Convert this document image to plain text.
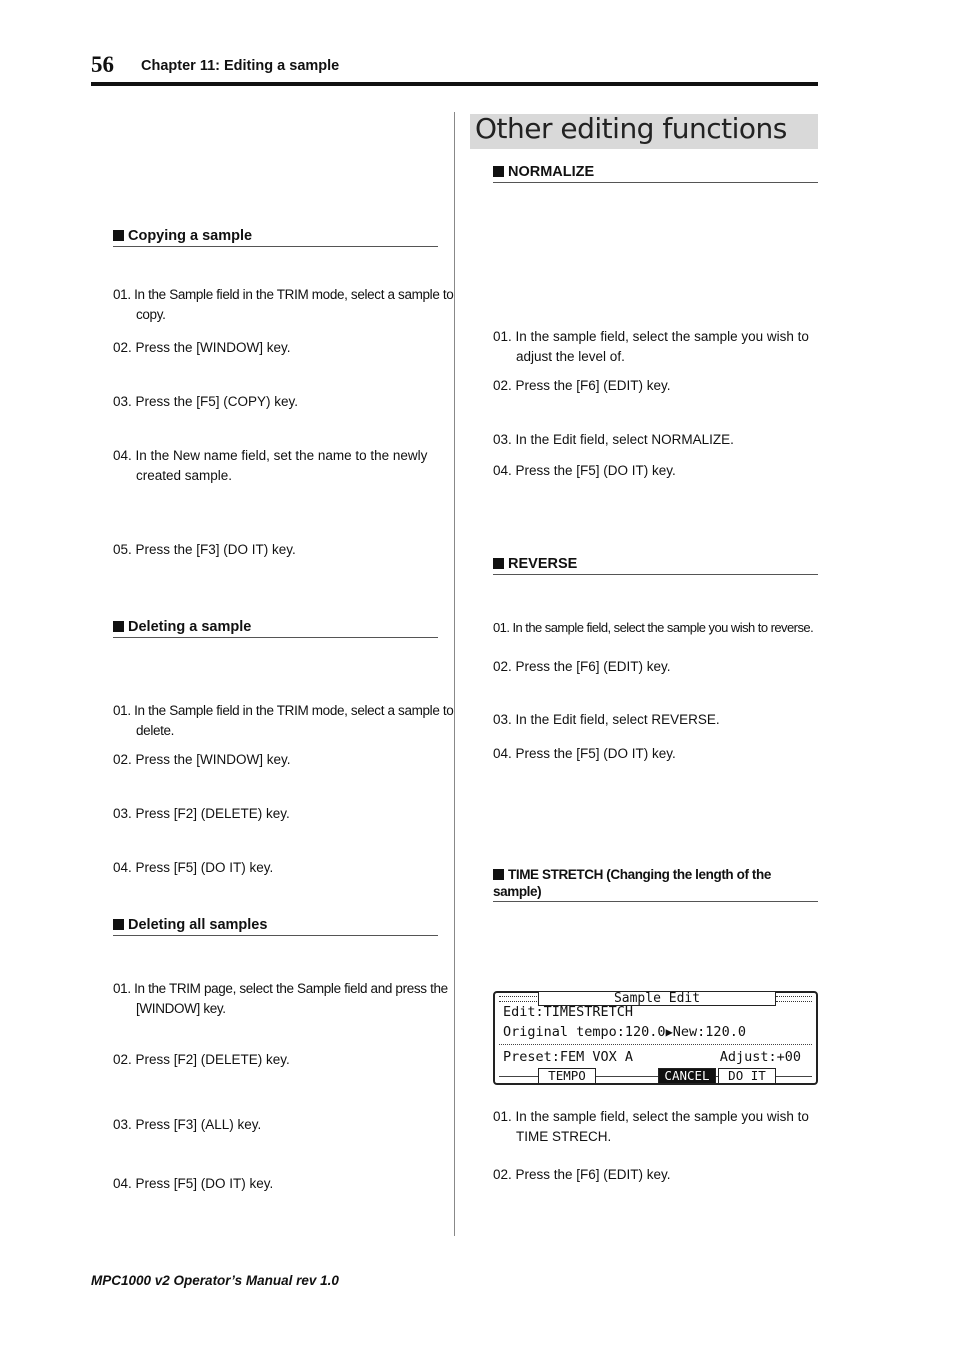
56 Chapter 11: Editing a sample
Copying a sample
01. In the Sample field in the TRIM mode, select a sample to copy.
02. Press the [WINDOW] key.
03. Press the [F5] (COPY) key.
04. In the New name field, set the name to the newly created sample.
05. Press the [F3] (DO IT) key.
Deleting a sample
01. In the Sample field in the TRIM mode, select a sample to delete.
02. Press the [WINDOW] key.
03. Press [F2] (DELETE) key.
04. Press [F5] (DO IT) key.
Deleting all samples
01. In the TRIM page, select the Sample field and press the [WINDOW] key.
02. Press [F2] (DELETE) key.
03. Press [F3] (ALL) key.
04. Press [F5] (DO IT) key.
Other editing functions
NORMALIZE
01. In the sample field, select the sample you wish to adjust the level of.
02. Press the [F6] (EDIT) key.
03. In the Edit field, select NORMALIZE.
04. Press the [F5] (DO IT) key.
REVERSE
01. In the sample field, select the sample you wish to reverse.
02. Press the [F6] (EDIT) key.
03. In the Edit field, select REVERSE.
04. Press the [F5] (DO IT) key.
TIME STRETCH (Changing the length of the sample)
Sample Edit
Edit:TIMESTRETCH
Original tempo:120.0▶New:120.0
Preset:FEM VOX A	Adjust:+00
TEMPO	CANCEL	DO IT
01. In the sample field, select the sample you wish to TIME STRECH.
02. Press the [F6] (EDIT) key.
MPC1000 v2 Operator’s Manual rev 1.0
